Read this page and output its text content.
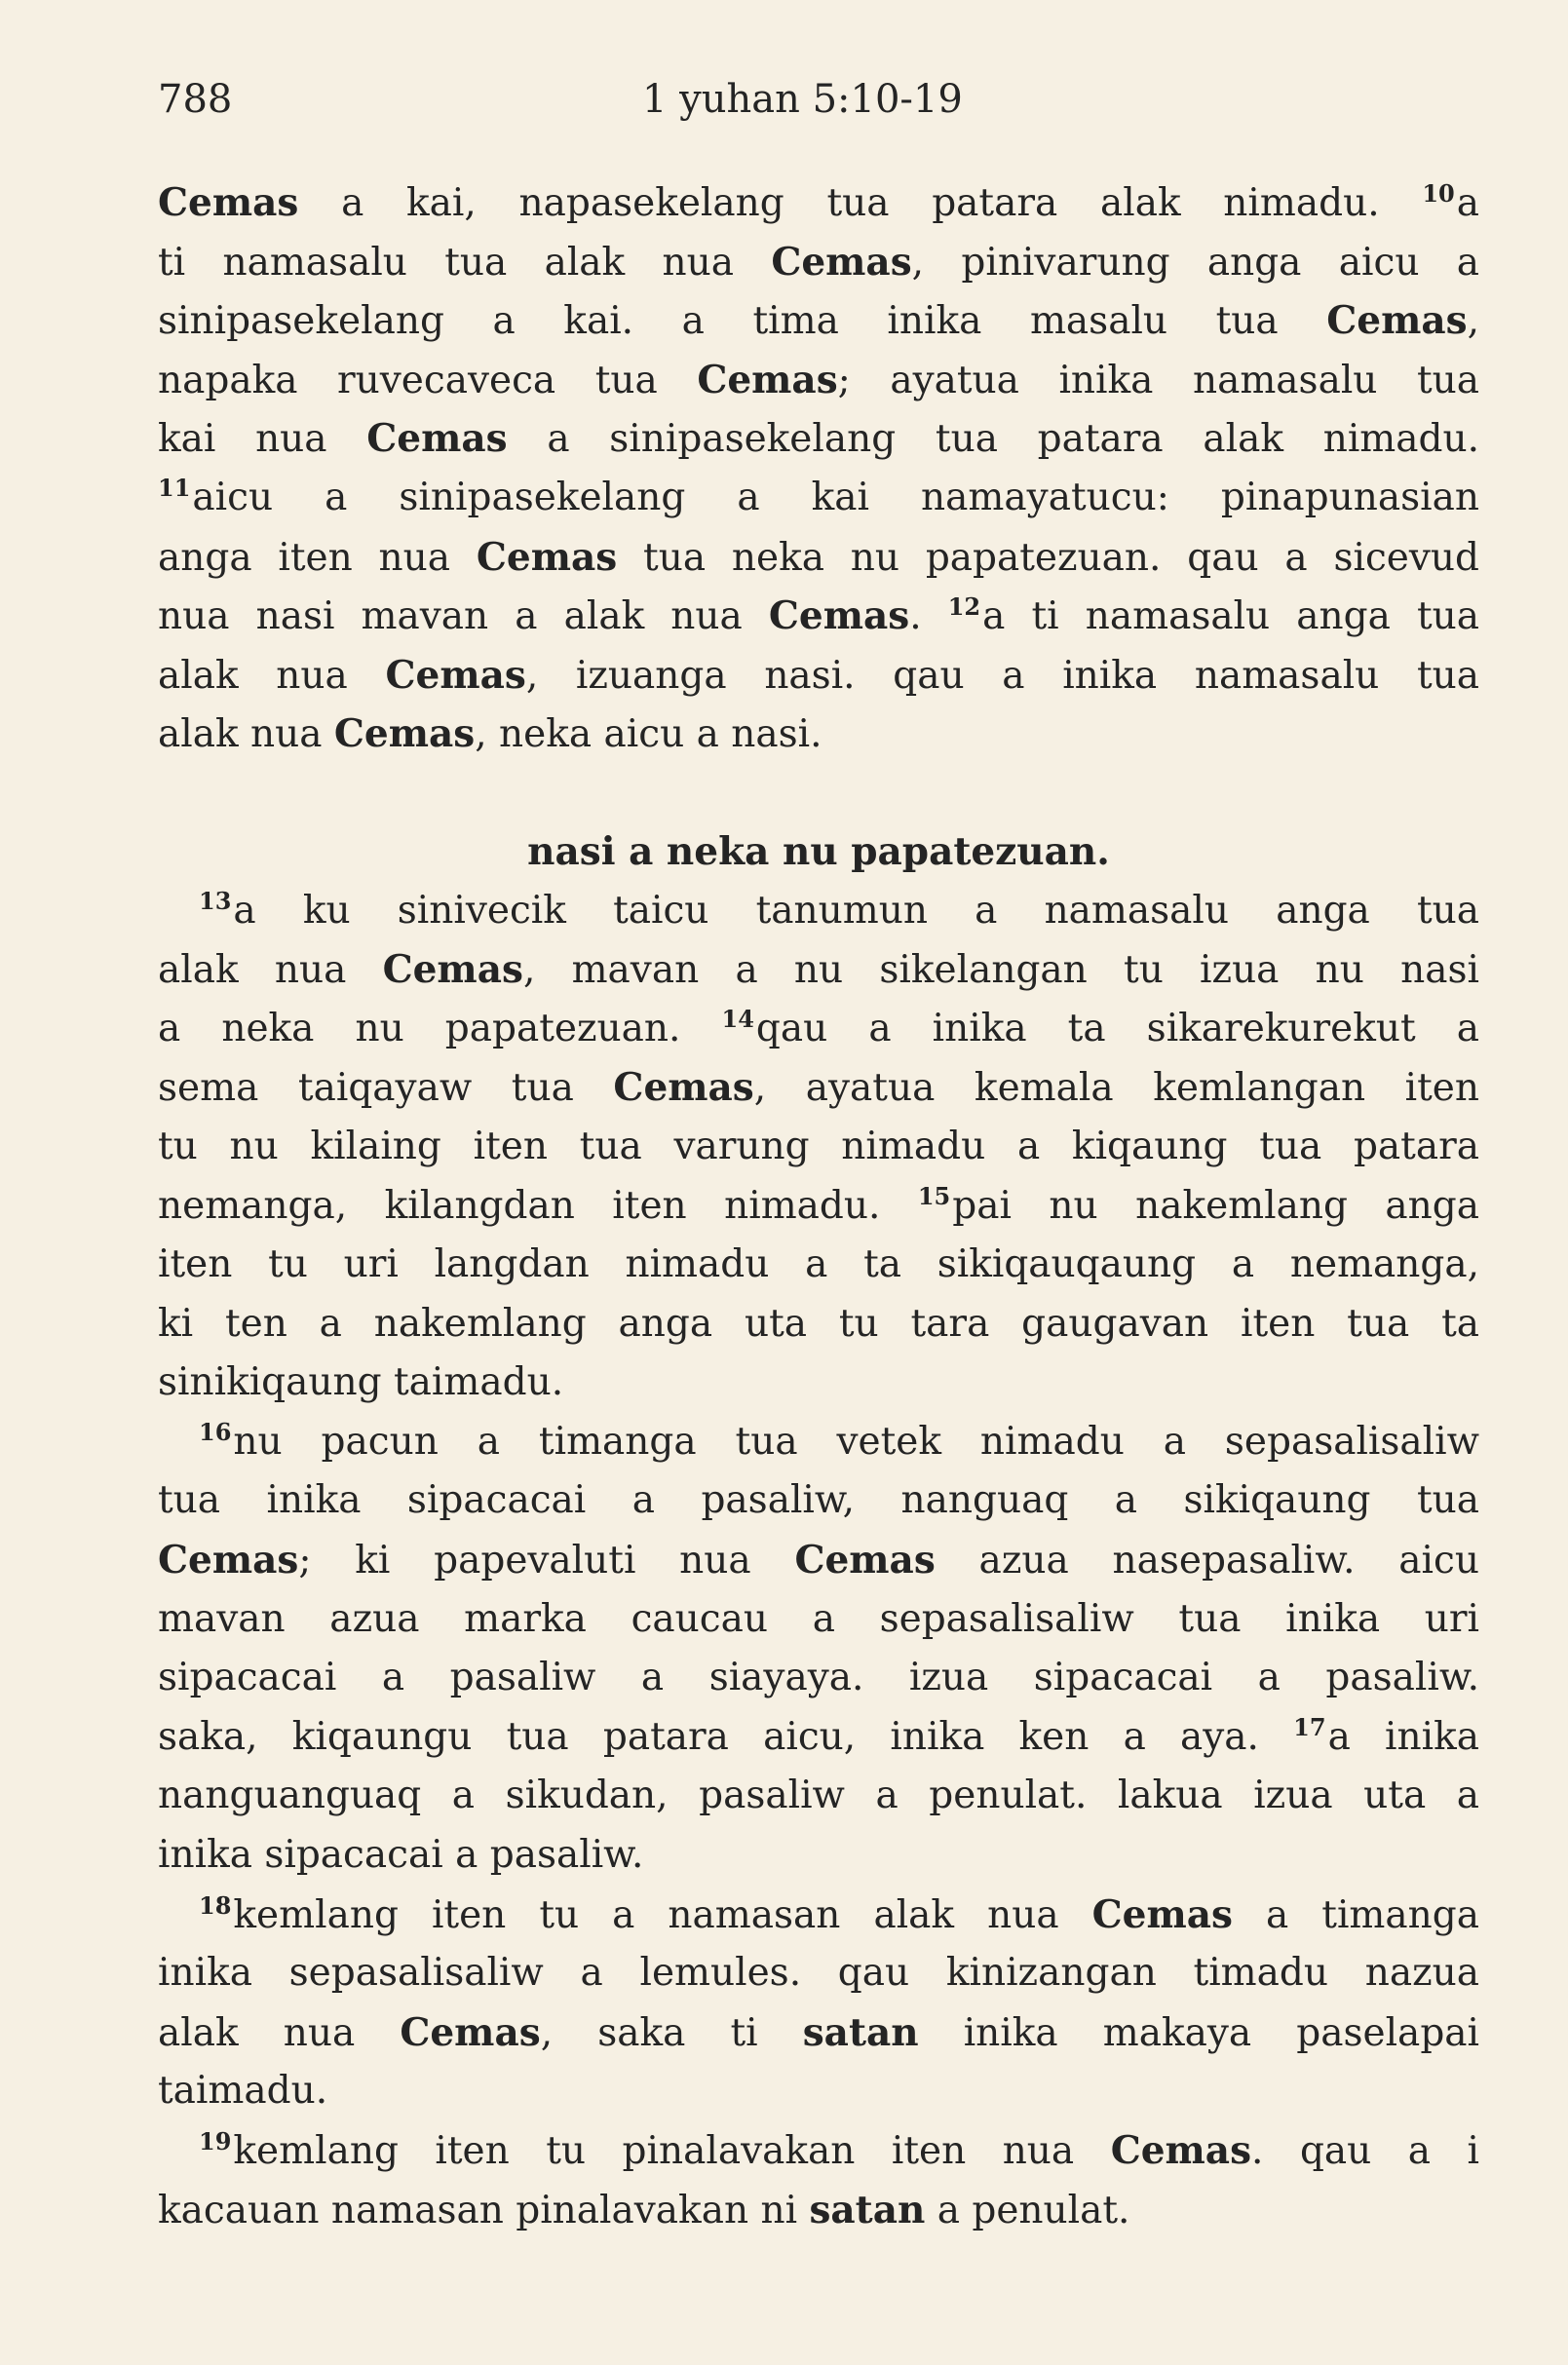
788	1 yuhan 5:10-19
Cemas a kai, napasekelang tua patara alak nimadu. $^{10}$a
ti namasalu tua alak nua Cemas, pinivarung anga aicu a
sinipasekelang a kai. a tima inika masalu tua Cemas,
napaka ruvecaveca tua Cemas; ayatua inika namasalu tua
kai nua Cemas a sinipasekelang tua patara alak nimadu.
$^{11}$aicu a sinipasekelang a kai namayatucu: pinapunasian
anga iten nua Cemas tua neka nu papatezuan. qau a sicevud
nua nasi mavan a alak nua Cemas. $^{12}$a ti namasalu anga tua
alak nua Cemas, izuanga nasi. qau a inika namasalu tua
alak nua Cemas, neka aicu a nasi.
nasi a neka nu papatezuan.
$^{13}$a ku sinivecik taicu tanumun a namasalu anga tua
alak nua Cemas, mavan a nu sikelangan tu izua nu nasi
a neka nu papatezuan. $^{14}$qau a inika ta sikarekurekut a
sema taiqayaw tua Cemas, ayatua kemala kemlangan iten
tu nu kilaing iten tua varung nimadu a kiqaung tua patara
nemanga, kilangdan iten nimadu. $^{15}$pai nu nakemlang anga
iten tu uri langdan nimadu a ta sikiqauqaung a nemanga,
ki ten a nakemlang anga uta tu tara gaugavan iten tua ta
sinikiqaung taimadu.
$^{16}$nu pacun a timanga tua vetek nimadu a sepasalisaliw
tua inika sipacacai a pasaliw, nanguaq a sikiqaung tua
Cemas; ki papevaluti nua Cemas azua nasepasaliw. aicu
mavan azua marka caucau a sepasalisaliw tua inika uri
sipacacai a pasaliw a siayaya. izua sipacacai a pasaliw.
saka, kiqaungu tua patara aicu, inika ken a aya. $^{17}$a inika
nanguanguaq a sikudan, pasaliw a penulat. lakua izua uta a
inika sipacacai a pasaliw.
$^{18}$kemlang iten tu a namasan alak nua Cemas a timanga
inika sepasalisaliw a lemules. qau kinizangan timadu nazua
alak nua Cemas, saka ti satan inika makaya paselapai
taimadu.
$^{19}$kemlang iten tu pinalavakan iten nua Cemas. qau a i
kacauan namasan pinalavakan ni satan a penulat.
